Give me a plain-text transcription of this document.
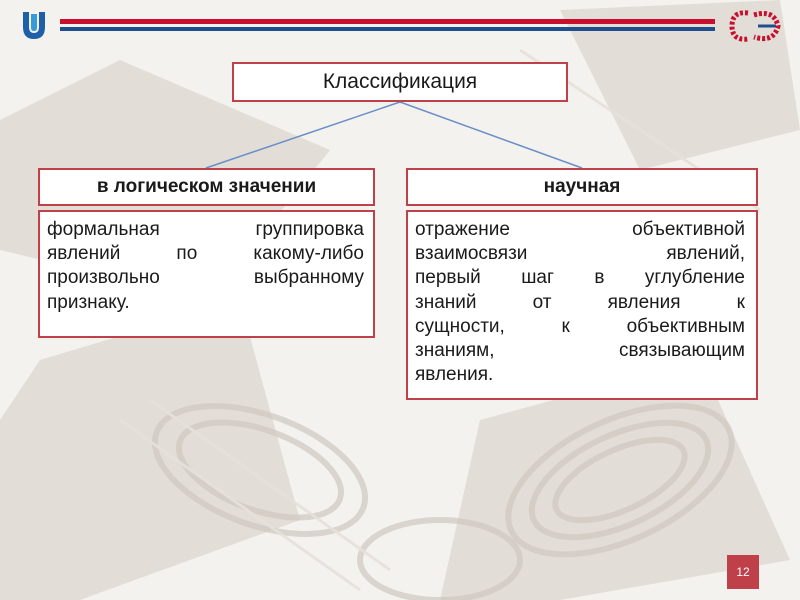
Классификация
в логическом значении	научная
формальная группировка
явлений по какому-либо
произвольно выбранному
признаку.
отражение объективной
взаимосвязи явлений,
первый шаг в углубление
знаний от явления к
сущности, к объективным
знаниям, связывающим
явления.
12
